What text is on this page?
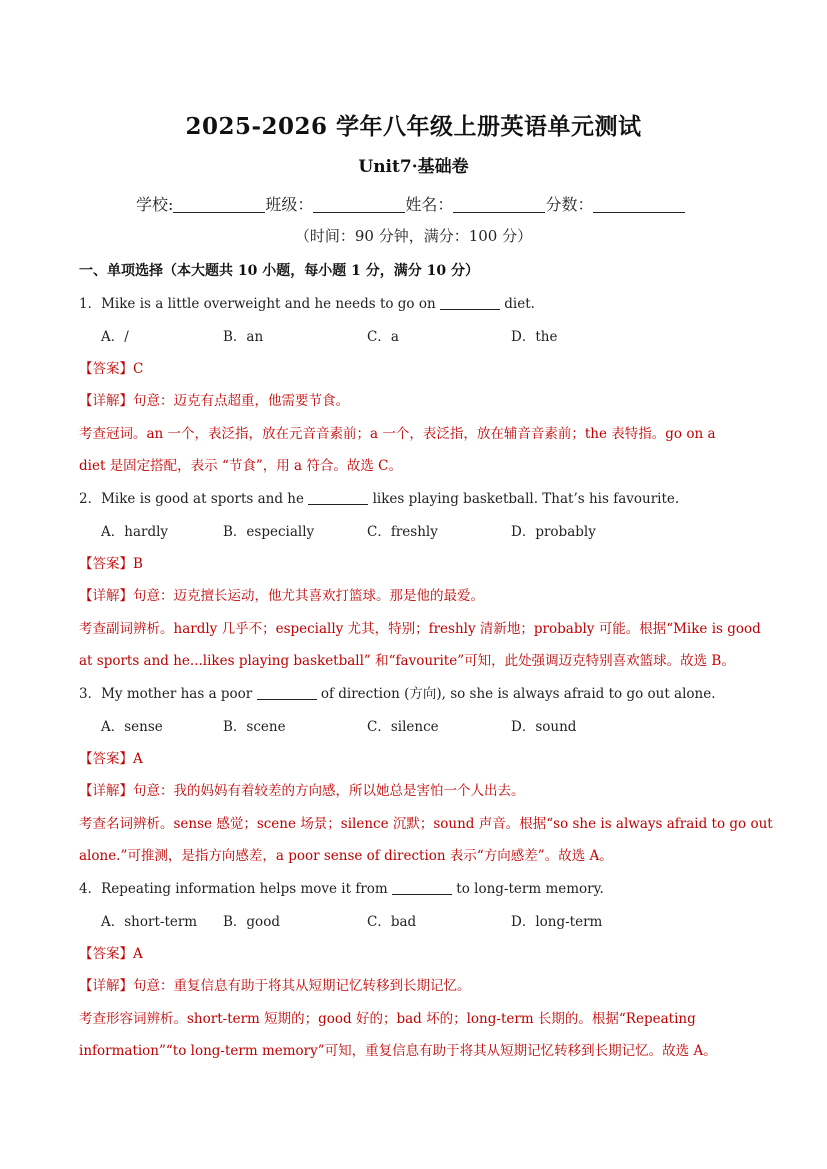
2025-2026 学年八年级上册英语单元测试
Unit7·基础卷
学校:	班级：	姓名：	分数：
（时间：90 分钟，满分：100 分）
一、单项选择（本大题共 10 小题，每小题 1 分，满分 10 分）
1．Mike is a little overweight and he needs to go on	diet.
A．/	B．an	C．a	D．the
【答案】C
【详解】句意：迈克有点超重，他需要节食。
考查冠词。an 一个，表泛指，放在元音音素前；a 一个，表泛指，放在辅音音素前；the 表特指。go on a
diet 是固定搭配，表示 “节食”，用 a 符合。故选 C。
2．Mike is good at sports and he	likes playing basketball. That’s his favourite.
A．hardly	B．especially	C．freshly	D．probably
【答案】B
【详解】句意：迈克擅长运动，他尤其喜欢打篮球。那是他的最爱。
考查副词辨析。hardly 几乎不；especially 尤其，特别；freshly 清新地；probably 可能。根据“Mike is good
at sports and he...likes playing basketball” 和“favourite”可知，此处强调迈克特别喜欢篮球。故选 B。
3．My mother has a poor	of direction (方向), so she is always afraid to go out alone.
A．sense	B．scene	C．silence	D．sound
【答案】A
【详解】句意：我的妈妈有着较差的方向感，所以她总是害怕一个人出去。
考查名词辨析。sense 感觉；scene 场景；silence 沉默；sound 声音。根据“so she is always afraid to go out
alone.”可推测，是指方向感差，a poor sense of direction 表示“方向感差”。故选 A。
4．Repeating information helps move it from	to long-term memory.
A．short-term B．good	C．bad	D．long-term
【答案】A
【详解】句意：重复信息有助于将其从短期记忆转移到长期记忆。
考查形容词辨析。short-term 短期的；good 好的；bad 坏的；long-term 长期的。根据“Repeating
information”“to long-term memory”可知，重复信息有助于将其从短期记忆转移到长期记忆。故选 A。
